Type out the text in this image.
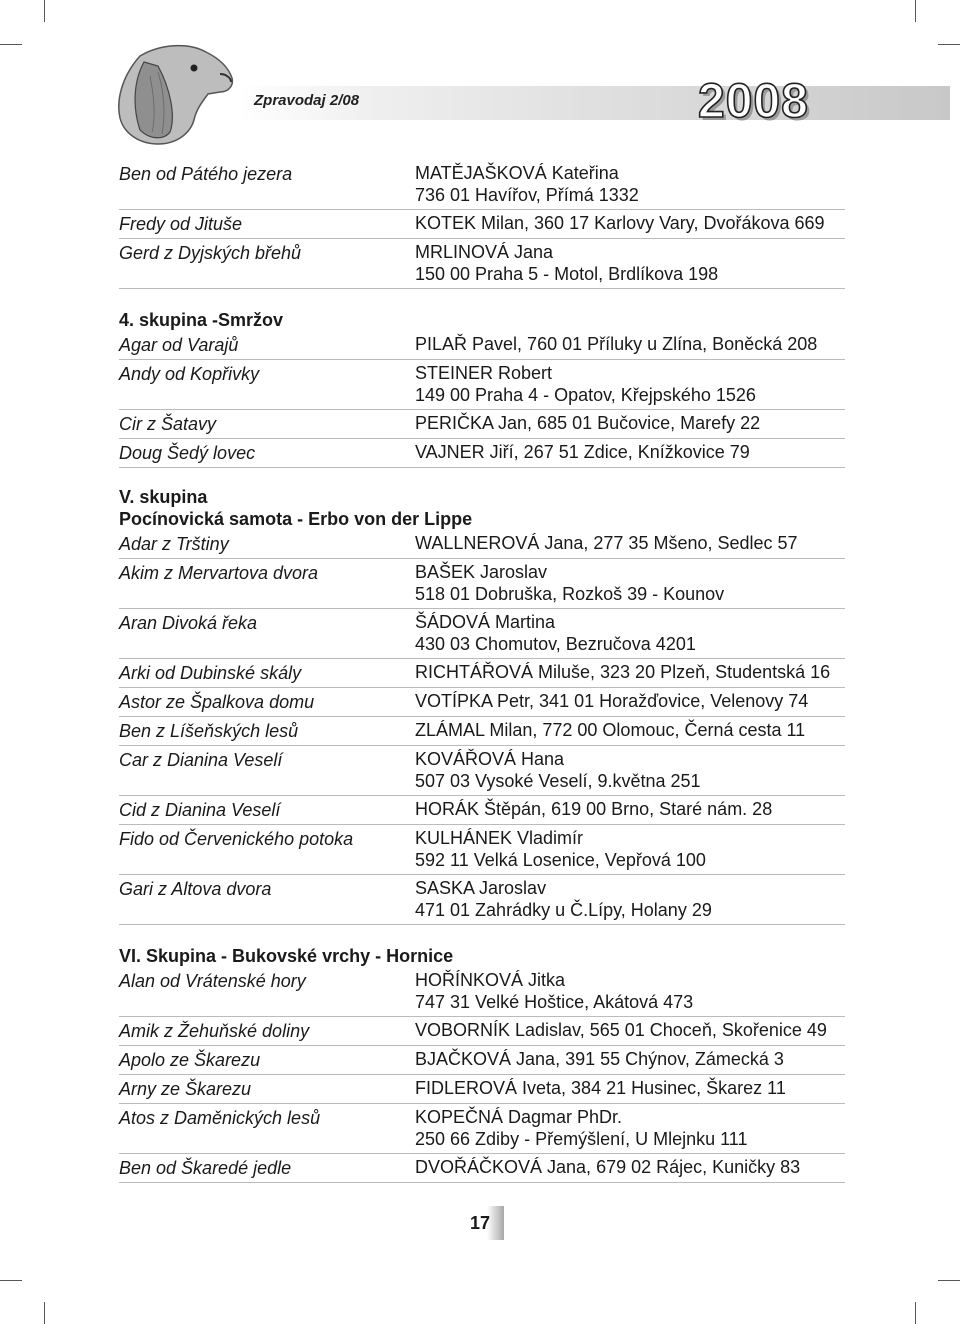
Zpravodaj 2/08	2008
Ben od Pátého jezera	MATĚJAŠKOVÁ Kateřina
736 01 Havířov, Přímá 1332
Fredy od Jituše	KOTEK Milan, 360 17 Karlovy Vary, Dvořákova 669
Gerd z Dyjských břehů	MRLINOVÁ Jana
150 00 Praha 5 - Motol, Brdlíkova 198
4. skupina -Smržov
Agar od Varajů	PILAŘ Pavel, 760 01 Příluky u Zlína, Boněcká 208
Andy od Kopřivky	STEINER Robert
149 00 Praha 4 - Opatov, Křejpského 1526
Cir z Šatavy	PERIČKA Jan, 685 01 Bučovice, Marefy 22
Doug Šedý lovec	VAJNER Jiří, 267 51 Zdice, Knížkovice 79
V. skupina
Pocínovická samota - Erbo von der Lippe
Adar z Trštiny	WALLNEROVÁ Jana, 277 35 Mšeno, Sedlec 57
Akim z Mervartova dvora	BAŠEK Jaroslav
518 01 Dobruška, Rozkoš 39 - Kounov
Aran Divoká řeka	ŠÁDOVÁ Martina
430 03 Chomutov, Bezručova 4201
Arki od Dubinské skály	RICHTÁŘOVÁ Miluše, 323 20 Plzeň, Studentská 16
Astor ze Špalkova domu	VOTÍPKA Petr, 341 01 Horažďovice, Velenovy 74
Ben z Líšeňských lesů	ZLÁMAL Milan, 772 00 Olomouc, Černá cesta 11
Car z Dianina Veselí	KOVÁŘOVÁ Hana
507 03 Vysoké Veselí, 9.května 251
Cid z Dianina Veselí	HORÁK Štěpán, 619 00 Brno, Staré nám. 28
Fido od Červenického potoka	KULHÁNEK Vladimír
592 11 Velká Losenice, Vepřová 100
Gari z Altova dvora	SASKA Jaroslav
471 01 Zahrádky u Č.Lípy, Holany 29
VI. Skupina - Bukovské vrchy - Hornice
Alan od Vrátenské hory	HOŘÍNKOVÁ Jitka
747 31 Velké Hoštice, Akátová 473
Amik z Žehuňské doliny	VOBORNÍK Ladislav, 565 01 Choceň, Skořenice 49
Apolo ze Škarezu	BJAČKOVÁ Jana, 391 55 Chýnov, Zámecká 3
Arny ze Škarezu	FIDLEROVÁ Iveta, 384 21 Husinec, Škarez 11
Atos z Daměnických lesů	KOPEČNÁ Dagmar PhDr.
250 66 Zdiby - Přemýšlení, U Mlejnku 111
Ben od Škaredé jedle	DVOŘÁČKOVÁ Jana, 679 02 Rájec, Kuničky 83
17
